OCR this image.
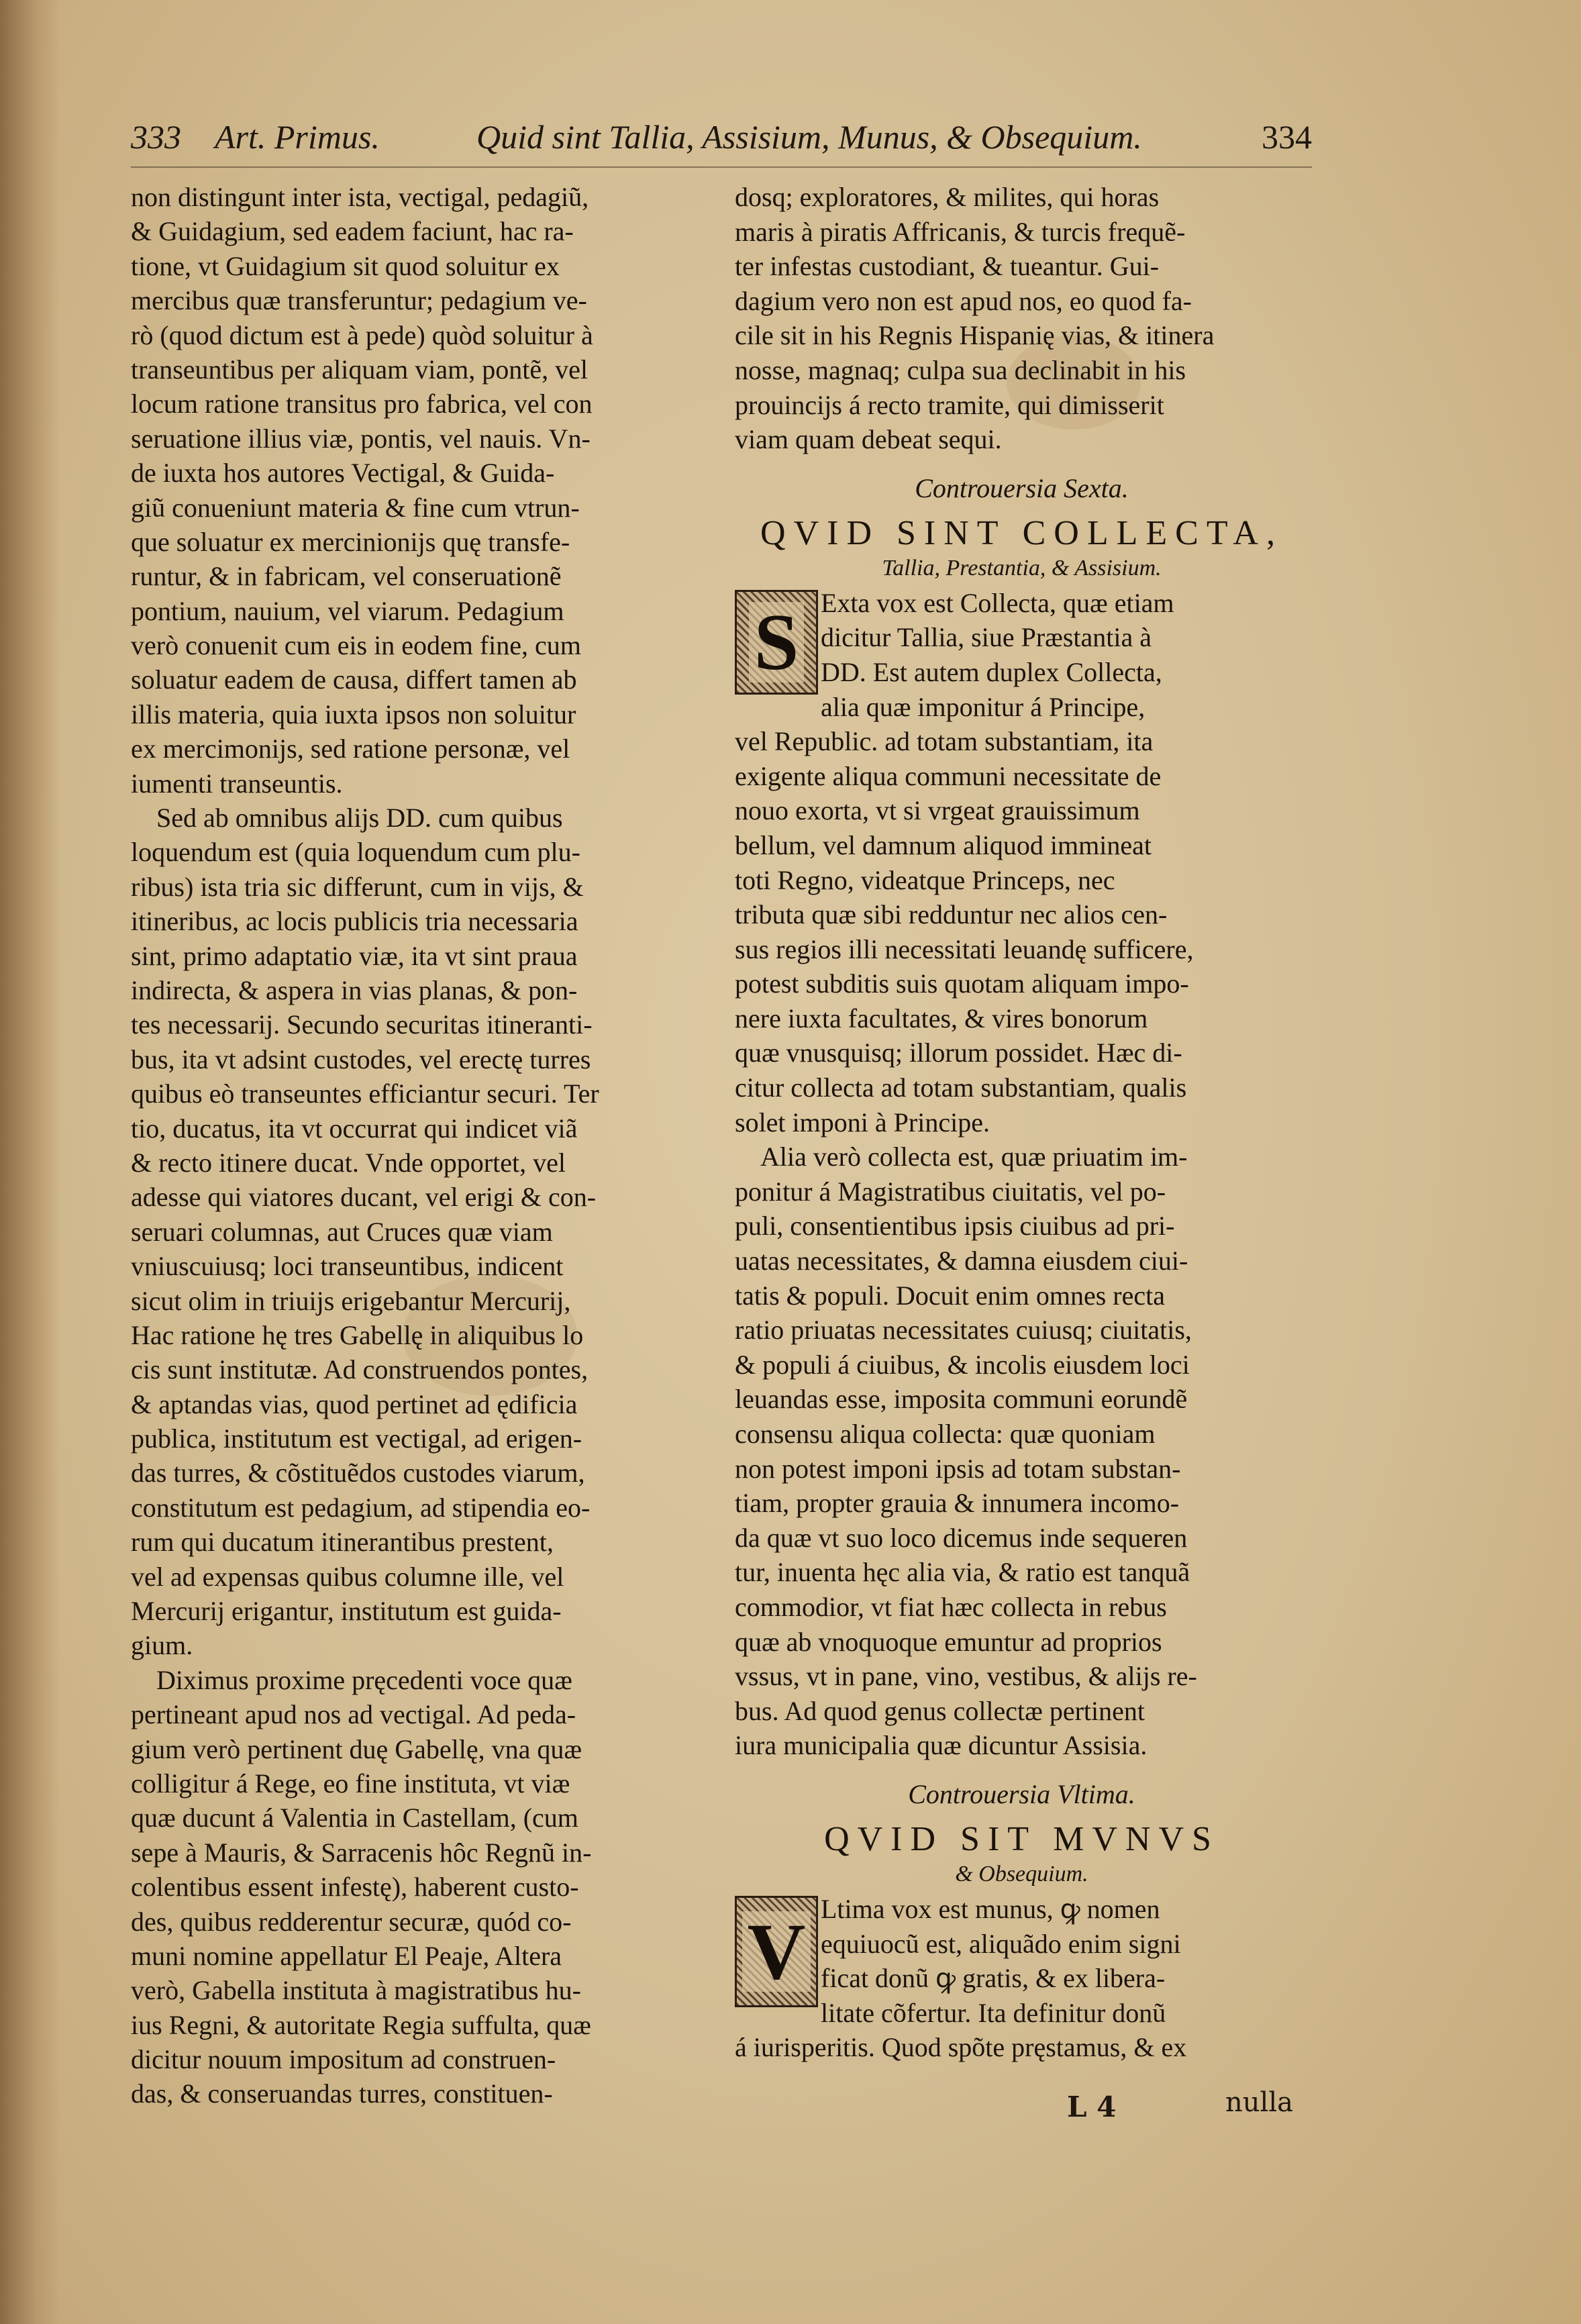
333 Art. Primus.	Quid sint Tallia, Assisium, Munus, & Obsequium.	334
non distingunt inter ista, vectigal, pedagiũ,
& Guidagium, sed eadem faciunt, hac ra-
tione, vt Guidagium sit quod soluitur ex
mercibus quæ transferuntur; pedagium ve-
rò (quod dictum est à pede) quòd soluitur à
transeuntibus per aliquam viam, pontẽ, vel
locum ratione transitus pro fabrica, vel con
seruatione illius viæ, pontis, vel nauis. Vn-
de iuxta hos autores Vectigal, & Guida-
giũ conueniunt materia & fine cum vtrun-
que soluatur ex mercinionijs quę transfe-
runtur, & in fabricam, vel conseruationẽ
pontium, nauium, vel viarum. Pedagium
verò conuenit cum eis in eodem fine, cum
soluatur eadem de causa, differt tamen ab
illis materia, quia iuxta ipsos non soluitur
ex mercimonijs, sed ratione personæ, vel
iumenti transeuntis.
Sed ab omnibus alijs DD. cum quibus
loquendum est (quia loquendum cum plu-
ribus) ista tria sic differunt, cum in vijs, &
itineribus, ac locis publicis tria necessaria
sint, primo adaptatio viæ, ita vt sint praua
indirecta, & aspera in vias planas, & pon-
tes necessarij. Secundo securitas itineranti-
bus, ita vt adsint custodes, vel erectę turres
quibus eò transeuntes efficiantur securi. Ter
tio, ducatus, ita vt occurrat qui indicet viã
& recto itinere ducat. Vnde opportet, vel
adesse qui viatores ducant, vel erigi & con-
seruari columnas, aut Cruces quæ viam
vniuscuiusq; loci transeuntibus, indicent
sicut olim in triuijs erigebantur Mercurij,
Hac ratione hę tres Gabellę in aliquibus lo
cis sunt institutæ. Ad construendos pontes,
& aptandas vias, quod pertinet ad ędificia
publica, institutum est vectigal, ad erigen-
das turres, & cõstituẽdos custodes viarum,
constitutum est pedagium, ad stipendia eo-
rum qui ducatum itinerantibus prestent,
vel ad expensas quibus columne ille, vel
Mercurij erigantur, institutum est guida-
gium.
Diximus proxime pręcedenti voce quæ
pertineant apud nos ad vectigal. Ad peda-
gium verò pertinent duę Gabellę, vna quæ
colligitur á Rege, eo fine instituta, vt viæ
quæ ducunt á Valentia in Castellam, (cum
sepe à Mauris, & Sarracenis hôc Regnũ in-
colentibus essent infestę), haberent custo-
des, quibus redderentur securæ, quód co-
muni nomine appellatur El Peaje, Altera
verò, Gabella instituta à magistratibus hu-
ius Regni, & autoritate Regia suffulta, quæ
dicitur nouum impositum ad construen-
das, & conseruandas turres, constituen-
dosq; exploratores, & milites, qui horas
maris à piratis Affricanis, & turcis frequẽ-
ter infestas custodiant, & tueantur. Gui-
dagium vero non est apud nos, eo quod fa-
cile sit in his Regnis Hispanię vias, & itinera
nosse, magnaq; culpa sua declinabit in his
prouincijs á recto tramite, qui dimisserit
viam quam debeat sequi.
Controuersia Sexta.
QVID SINT COLLECTA,
Tallia, Prestantia, & Assisium.
S Exta vox est Collecta, quæ etiam
dicitur Tallia, siue Præstantia à
DD. Est autem duplex Collecta,
alia quæ imponitur á Principe,
vel Republic. ad totam substantiam, ita
exigente aliqua communi necessitate de
nouo exorta, vt si vrgeat grauissimum
bellum, vel damnum aliquod immineat
toti Regno, videatque Princeps, nec
tributa quæ sibi redduntur nec alios cen-
sus regios illi necessitati leuandę sufficere,
potest subditis suis quotam aliquam impo-
nere iuxta facultates, & vires bonorum
quæ vnusquisq; illorum possidet. Hæc di-
citur collecta ad totam substantiam, qualis
solet imponi à Principe.
Alia verò collecta est, quæ priuatim im-
ponitur á Magistratibus ciuitatis, vel po-
puli, consentientibus ipsis ciuibus ad pri-
uatas necessitates, & damna eiusdem ciui-
tatis & populi. Docuit enim omnes recta
ratio priuatas necessitates cuiusq; ciuitatis,
& populi á ciuibus, & incolis eiusdem loci
leuandas esse, imposita communi eorundẽ
consensu aliqua collecta: quæ quoniam
non potest imponi ipsis ad totam substan-
tiam, propter grauia & innumera incomo-
da quæ vt suo loco dicemus inde sequeren
tur, inuenta hęc alia via, & ratio est tanquã
commodior, vt fiat hæc collecta in rebus
quæ ab vnoquoque emuntur ad proprios
vssus, vt in pane, vino, vestibus, & alijs re-
bus. Ad quod genus collectæ pertinent
iura municipalia quæ dicuntur Assisia.
Controuersia Vltima.
QVID SIT MVNVS
& Obsequium.
V Ltima vox est munus, ꝙ nomen
equiuocũ est, aliquãdo enim signi
ficat donũ ꝙ gratis, & ex libera-
litate cõfertur. Ita definitur donũ
á iurisperitis. Quod spõte pręstamus, & ex
L 4	nulla
